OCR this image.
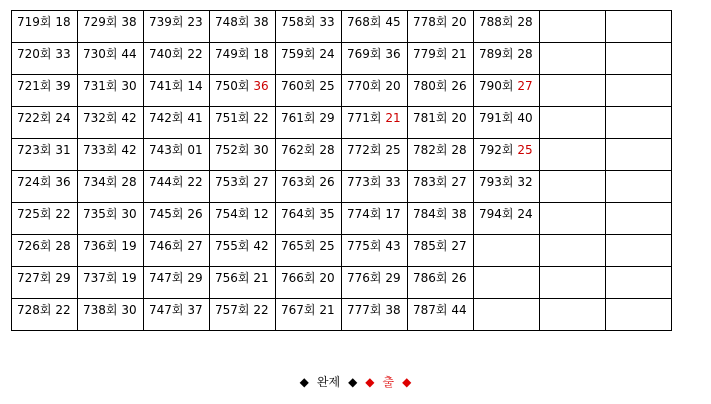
719회 18	729회 38	739회 23	748회 38	758회 33	768회 45	778회 20	788회 28		
720회 33	730회 44	740회 22	749회 18	759회 24	769회 36	779회 21	789회 28		
721회 39	731회 30	741회 14	750회 36	760회 25	770회 20	780회 26	790회 27		
722회 24	732회 42	742회 41	751회 22	761회 29	771회 21	781회 20	791회 40		
723회 31	733회 42	743회 01	752회 30	762회 28	772회 25	782회 28	792회 25		
724회 36	734회 28	744회 22	753회 27	763회 26	773회 33	783회 27	793회 32		
725회 22	735회 30	745회 26	754회 12	764회 35	774회 17	784회 38	794회 24		
726회 28	736회 19	746회 27	755회 42	765회 25	775회 43	785회 27			
727회 29	737회 19	747회 29	756회 21	766회 20	776회 29	786회 26			
728회 22	738회 30	747회 37	757회 22	767회 21	777회 38	787회 44			
◆ 완제 ◆ ◆ 출 ◆
